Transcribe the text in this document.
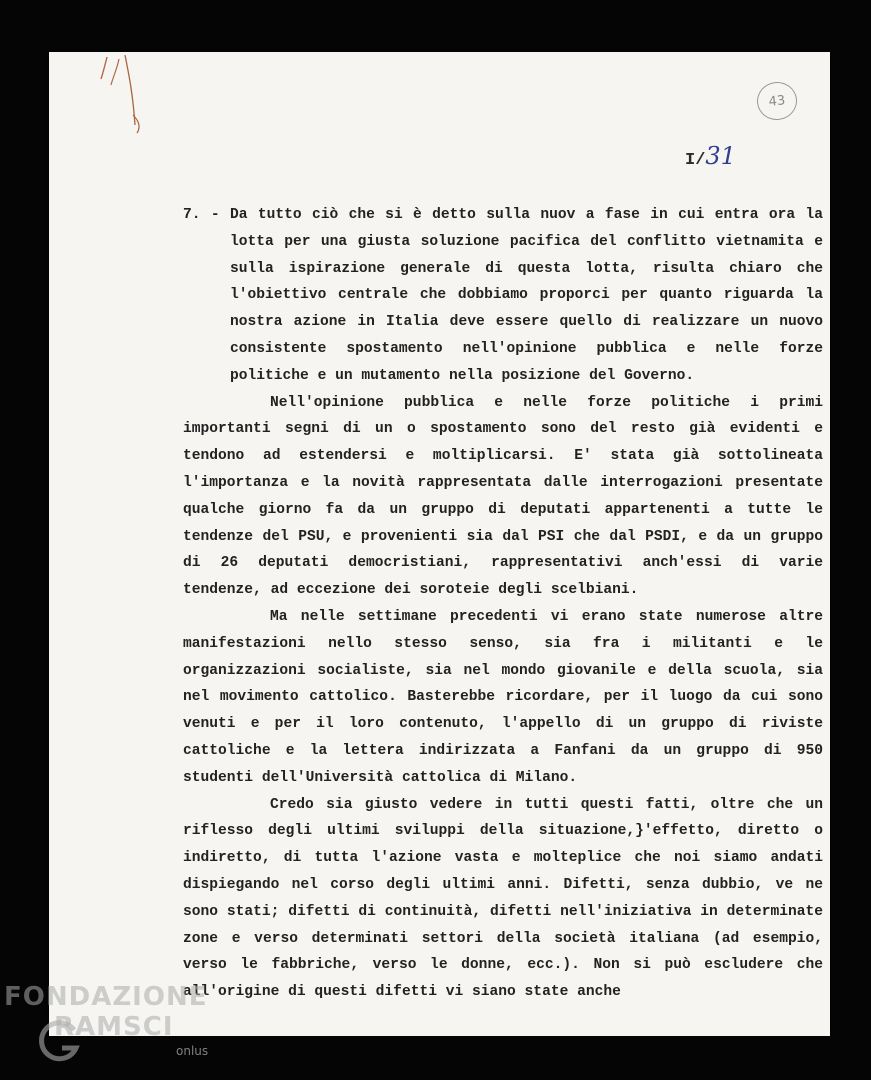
43
I/31

7. - Da tutto ciò che si è detto sulla nuov a fase in cui entra ora la lotta per una giusta soluzione pacifica del conflitto vietnamita e sulla ispirazione generale di questa lotta, risulta chiaro che l'obiettivo centrale che dobbiamo proporci per quanto riguarda la nostra azione in Italia deve essere quello di realizzare un nuovo consistente spostamento nell'opinione pubblica e nelle forze politiche e un mutamento nella posizione del Governo.

Nell'opinione pubblica e nelle forze politiche i primi importanti segni di un o spostamento sono del resto già evidenti e tendono ad estendersi e moltiplicarsi. E' stata già sottolineata l'importanza e la novità rappresentata dalle interrogazioni presentate qualche giorno fa da un gruppo di deputati appartenenti a tutte le tendenze del PSU, e provenienti sia dal PSI che dal PSDI, e da un gruppo di 26 deputati democristiani, rappresentativi anch'essi di varie tendenze, ad eccezione dei soroteie degli scelbiani.

Ma nelle settimane precedenti vi erano state numerose altre manifestazioni nello stesso senso, sia fra i militanti e le organizzazioni socialiste, sia nel mondo giovanile e della scuola, sia nel movimento cattolico. Basterebbe ricordare, per il luogo da cui sono venuti e per il loro contenuto, l'appello di un gruppo di riviste cattoliche e la lettera indirizzata a Fanfani da un gruppo di 950 studenti dell'Università cattolica di Milano.

Credo sia giusto vedere in tutti questi fatti, oltre che un riflesso degli ultimi sviluppi della situazione,}'effetto, diretto o indiretto, di tutta l'azione vasta e molteplice che noi siamo andati dispiegando nel corso degli ultimi anni. Difetti, senza dubbio, ve ne sono stati; difetti di continuità, difetti nell'iniziativa in determinate zone e verso determinati settori della società italiana (ad esempio, verso le fabbriche, verso le donne, ecc.). Non si può escludere che all'origine di questi difetti vi siano state anche

FONDAZIONE
RAMSCI
onlus
